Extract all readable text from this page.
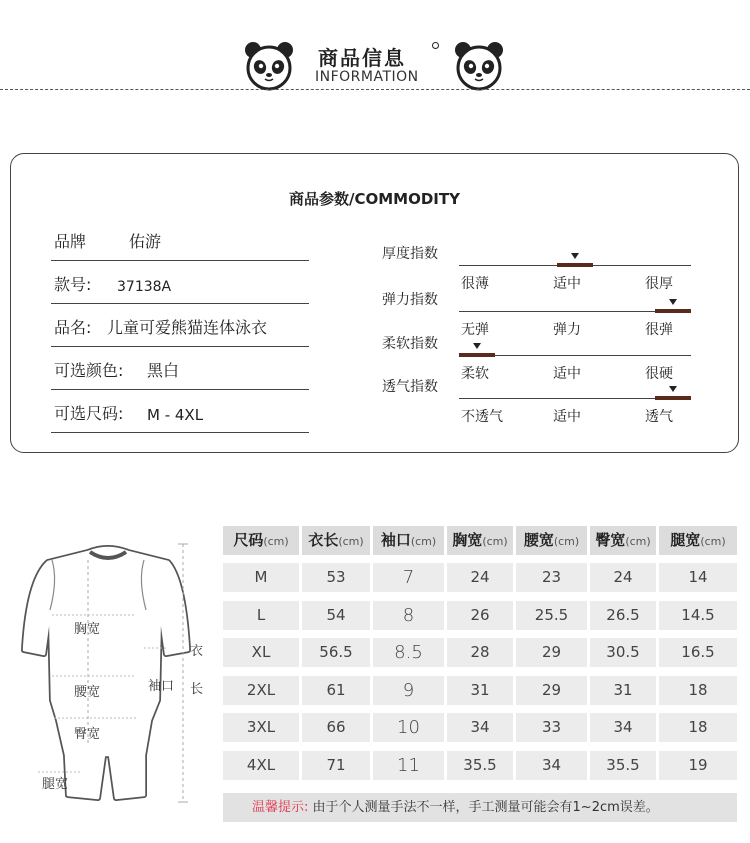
商品信息
INFORMATION
商品参数/COMMODITY
品牌	佑游
款号: 37138A
品名: 儿童可爱熊猫连体泳衣
可选颜色: 黑白
可选尺码: M - 4XL
厚度指数
很薄	适中	很厚
弹力指数
无弹	弹力	很弹
柔软指数
柔软	适中	很硬
透气指数
不透气	适中	透气
胸宽
腰宽
臀宽
腿宽
袖口
衣
长
尺码(cm)	衣长(cm)	袖口(cm)	胸宽(cm)	腰宽(cm)	臀宽(cm)	腿宽(cm)
M	53	7	24	23	24	14
L	54	8	26	25.5	26.5	14.5
XL	56.5	8.5	28	29	30.5	16.5
2XL	61	9	31	29	31	18
3XL	66	10	34	33	34	18
4XL	71	11	35.5	34	35.5	19
温馨提示: 由于个人测量手法不一样，手工测量可能会有1~2cm误差。
